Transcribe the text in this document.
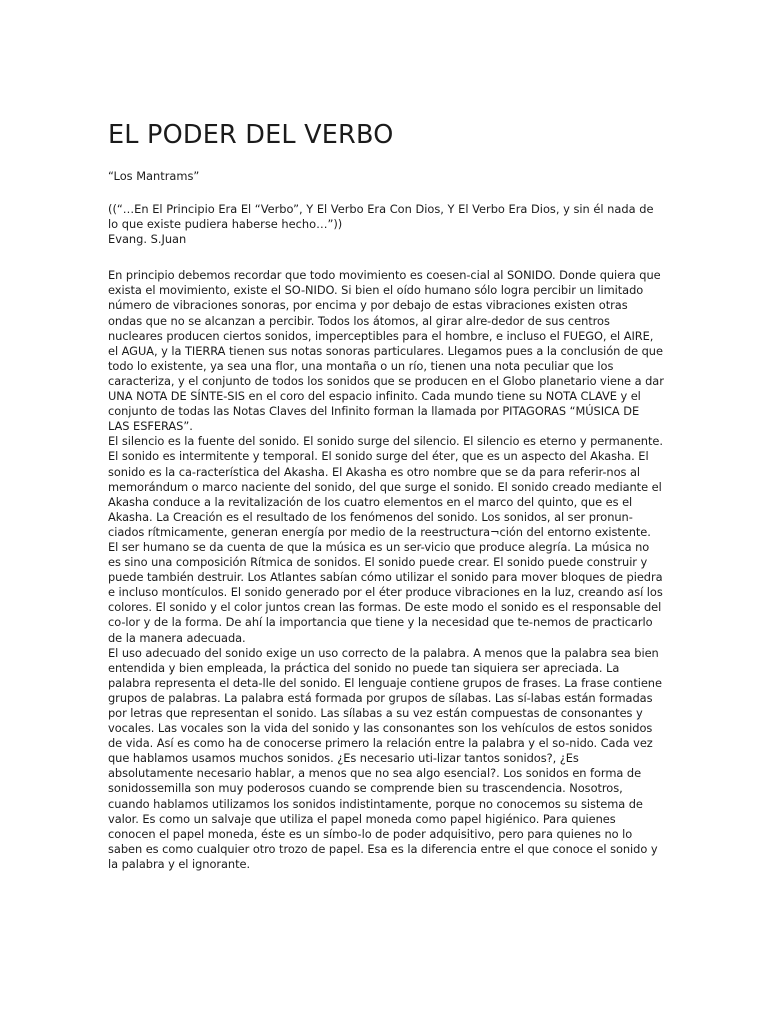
EL PODER DEL VERBO
“Los Mantrams”
((“…En El Principio Era El “Verbo”, Y El Verbo Era Con Dios, Y El Verbo Era Dios, y sin él nada de lo que existe pudiera haberse hecho…”))
Evang. S.Juan

En principio debemos recordar que todo movimiento es coesen-cial al SONIDO. Donde quiera que exista el movimiento, existe el SO-NIDO. Si bien el oído humano sólo logra percibir un limitado número de vibraciones sonoras, por encima y por debajo de estas vibraciones existen otras ondas que no se alcanzan a percibir. Todos los átomos, al girar alre-dedor de sus centros nucleares producen ciertos sonidos, imperceptibles para el hombre, e incluso el FUEGO, el AIRE, el AGUA, y la TIERRA tienen sus notas sonoras particulares. Llegamos pues a la conclusión de que todo lo existente, ya sea una flor, una montaña o un río, tienen una nota peculiar que los caracteriza, y el conjunto de todos los sonidos que se producen en el Globo planetario viene a dar UNA NOTA DE SÍNTE-SIS en el coro del espacio infinito. Cada mundo tiene su NOTA CLAVE y el conjunto de todas las Notas Claves del Infinito forman la llamada por PITAGORAS “MÚSICA DE LAS ESFERAS”.

El silencio es la fuente del sonido. El sonido surge del silencio. El silencio es eterno y permanente. El sonido es intermitente y temporal. El sonido surge del éter, que es un aspecto del Akasha. El sonido es la ca-racterística del Akasha. El Akasha es otro nombre que se da para referir-nos al memorándum o marco naciente del sonido, del que surge el sonido. El sonido creado mediante el Akasha conduce a la revitalización de los cuatro elementos en el marco del quinto, que es el Akasha. La Creación es el resultado de los fenómenos del sonido. Los sonidos, al ser pronun-ciados rítmicamente, generan energía por medio de la reestructura¬ción del entorno existente. El ser humano se da cuenta de que la música es un ser-vicio que produce alegría. La música no es sino una composición Rítmica de sonidos. El sonido puede crear. El sonido puede construir y puede también destruir. Los Atlantes sabían cómo utilizar el sonido para mover bloques de piedra e incluso montículos. El sonido generado por el éter produce vibraciones en la luz, creando así los colores. El sonido y el color juntos crean las formas. De este modo el sonido es el responsable del co-lor y de la forma. De ahí la importancia que tiene y la necesidad que te-nemos de practicarlo de la manera adecuada.

El uso adecuado del sonido exige un uso correcto de la palabra. A menos que la palabra sea bien entendida y bien empleada, la práctica del sonido no puede tan siquiera ser apreciada. La palabra representa el deta-lle del sonido. El lenguaje contiene grupos de frases. La frase contiene grupos de palabras. La palabra está formada por grupos de sílabas. Las sí-labas están formadas por letras que representan el sonido. Las sílabas a su vez están compuestas de consonantes y vocales. Las vocales son la vida del sonido y las consonantes son los vehículos de estos sonidos de vida. Así es como ha de conocerse primero la relación entre la palabra y el so-nido. Cada vez que hablamos usamos muchos sonidos. ¿Es necesario uti-lizar tantos sonidos?, ¿Es absolutamente necesario hablar, a menos que no sea algo esencial?. Los sonidos en forma de sonidossemilla son muy poderosos cuando se comprende bien su trascendencia. Nosotros, cuando hablamos utilizamos los sonidos indistintamente, porque no conocemos su sistema de valor. Es como un salvaje que utiliza el papel moneda como papel higiénico. Para quienes conocen el papel moneda, éste es un símbo-lo de poder adquisitivo, pero para quienes no lo saben es como cualquier otro trozo de papel. Esa es la diferencia entre el que conoce el sonido y la palabra y el ignorante.
